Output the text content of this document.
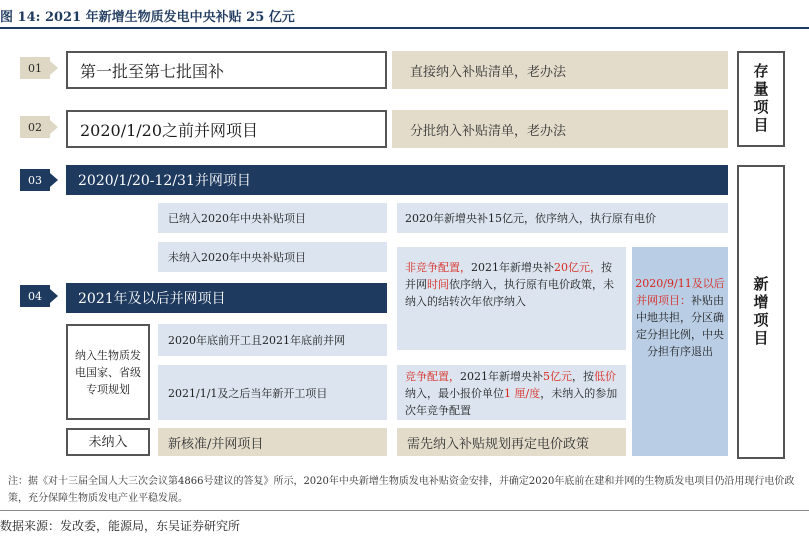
图 14: 2021 年新增生物质发电中央补贴 25 亿元
01
02
03
04
第一批至第七批国补	直接纳入补贴清单，老办法
2020/1/20之前并网项目	分批纳入补贴清单，老办法	存量项目
新增项目
2020/1/20-12/31并网项目
已纳入2020年中央补贴项目	2020年新增央补15亿元，依序纳入，执行原有电价
未纳入2020年中央补贴项目
非竞争配置，2021年新增央补20亿元，按并网时间依序纳入，执行原有电价政策，未纳入的结转次年依序纳入
2020/9/11及以后并网项目：补贴由中地共担，分区确定分担比例，中央分担有序退出
2021年及以后并网项目
纳入生物质发电国家、省级专项规划
2020年底前开工且2021年底前并网
2021/1/1及之后当年新开工项目
竞争配置，2021年新增央补5亿元，按低价纳入，最小报价单位1 厘/度，未纳入的参加次年竞争配置
未纳入	新核准/并网项目	需先纳入补贴规划再定电价政策
注：据《对十三届全国人大三次会议第4866号建议的答复》所示，2020年中央新增生物质发电补贴资金安排，并确定2020年底前在建和并网的生物质发电项目仍沿用现行电价政策，充分保障生物质发电产业平稳发展。
数据来源：发改委，能源局，东吴证券研究所
